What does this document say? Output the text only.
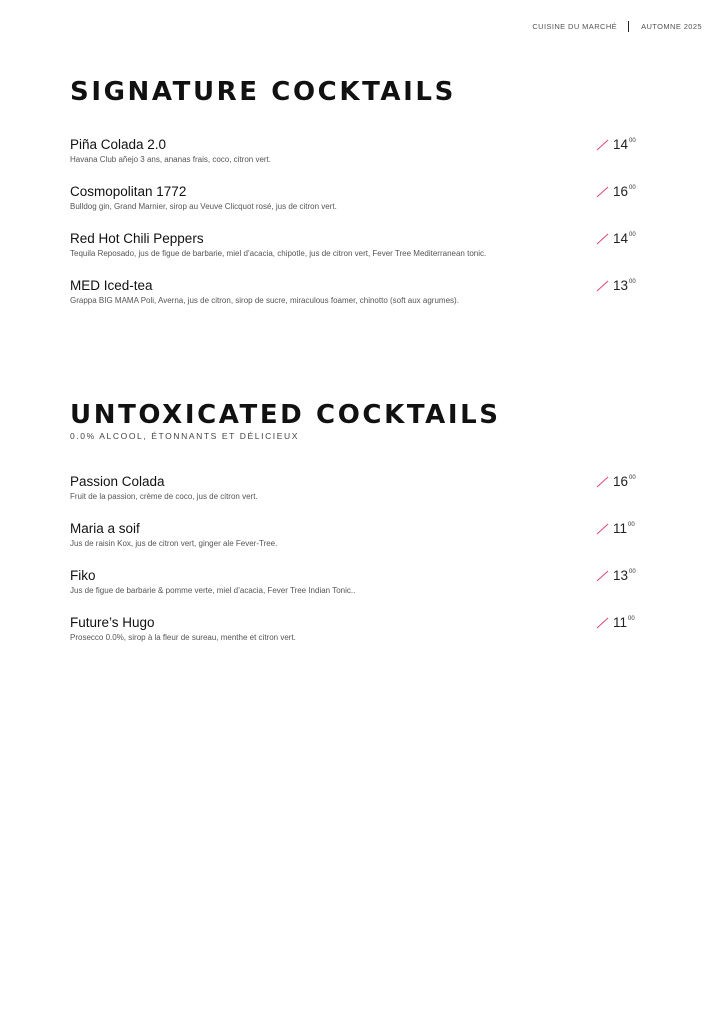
CUISINE DU MARCHÉ	AUTOMNE 2025
SIGNATURE COCKTAILS
Piña Colada 2.0
Havana Club añejo 3 ans, ananas frais, coco, citron vert.
14 00
Cosmopolitan 1772
Bulldog gin, Grand Marnier, sirop au Veuve Clicquot rosé, jus de citron vert.
16 00
Red Hot Chili Peppers
Tequila Reposado, jus de figue de barbarie, miel d’acacia, chipotle, jus de citron vert, Fever Tree Mediterranean tonic.
14 00
MED Iced-tea
Grappa BIG MAMA Poli, Averna, jus de citron, sirop de sucre, miraculous foamer, chinotto (soft aux agrumes).
13 00
UNTOXICATED COCKTAILS
0.0% ALCOOL, ÉTONNANTS ET DÉLICIEUX
Passion Colada
Fruit de la passion, crème de coco, jus de citron vert.
16 00
Maria a soif
Jus de raisin Kox, jus de citron vert, ginger ale Fever-Tree.
11 00
Fiko
Jus de figue de barbarie & pomme verte, miel d’acacia, Fever Tree Indian Tonic..
13 00
Future’s Hugo
Prosecco 0.0%, sirop à la fleur de sureau, menthe et citron vert.
11 00
